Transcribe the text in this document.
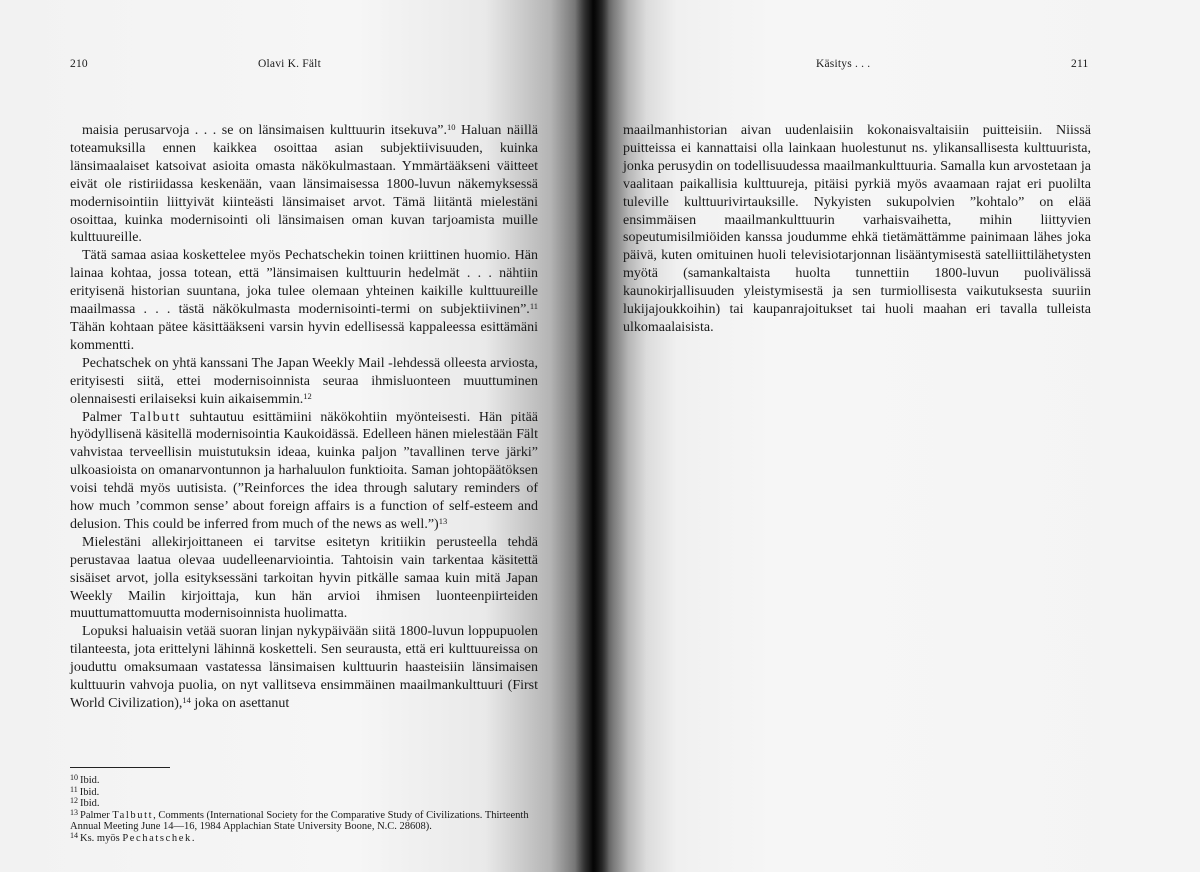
210	Olavi K. Fält

maisia perusarvoja . . . se on länsimaisen kulttuurin itsekuva”.$^{10}$ Haluan näillä toteamuksilla ennen kaikkea osoittaa asian subjektiivisuuden, kuinka länsimaalaiset katsoivat asioita omasta näkökulmastaan. Ymmärtääkseni väitteet eivät ole ristiriidassa keskenään, vaan länsimaisessa 1800-luvun näkemyksessä modernisointiin liittyivät kiinteästi länsimaiset arvot. Tämä liitäntä mielestäni osoittaa, kuinka modernisointi oli länsimaisen oman kuvan tarjoamista muille kulttuureille.

Tätä samaa asiaa koskettelee myös Pechatschekin toinen kriittinen huomio. Hän lainaa kohtaa, jossa totean, että ”länsimaisen kulttuurin hedelmät . . . nähtiin erityisenä historian suuntana, joka tulee olemaan yhteinen kaikille kulttuureille maailmassa . . . tästä näkökulmasta modernisointi-termi on subjektiivinen”.$^{11}$ Tähän kohtaan pätee käsittääkseni varsin hyvin edellisessä kappaleessa esittämäni kommentti.

Pechatschek on yhtä kanssani The Japan Weekly Mail -lehdessä olleesta arviosta, erityisesti siitä, ettei modernisoinnista seuraa ihmisluonteen muuttuminen olennaisesti erilaiseksi kuin aikaisemmin.$^{12}$

Palmer Talbutt suhtautuu esittämiini näkökohtiin myönteisesti. Hän pitää hyödyllisenä käsitellä modernisointia Kaukoidässä. Edelleen hänen mielestään Fält vahvistaa terveellisin muistutuksin ideaa, kuinka paljon ”tavallinen terve järki” ulkoasioista on omanarvontunnon ja harhaluulon funktioita. Saman johtopäätöksen voisi tehdä myös uutisista. (”Reinforces the idea through salutary reminders of how much ’common sense’ about foreign affairs is a function of self-esteem and delusion. This could be inferred from much of the news as well.”)$^{13}$

Mielestäni allekirjoittaneen ei tarvitse esitetyn kritiikin perusteella tehdä perustavaa laatua olevaa uudelleenarviointia. Tahtoisin vain tarkentaa käsitettä sisäiset arvot, jolla esityksessäni tarkoitan hyvin pitkälle samaa kuin mitä Japan Weekly Mailin kirjoittaja, kun hän arvioi ihmisen luonteenpiirteiden muuttumattomuutta modernisoinnista huolimatta.

Lopuksi haluaisin vetää suoran linjan nykypäivään siitä 1800-luvun loppupuolen tilanteesta, jota erittelyni lähinnä kosketteli. Sen seurausta, että eri kulttuureissa on jouduttu omaksumaan vastatessa länsimaisen kulttuurin haasteisiin länsimaisen kulttuurin vahvoja puolia, on nyt vallitseva ensimmäinen maailmankulttuuri (First World Civilization),$^{14}$ joka on asettanut

$^{10}$ Ibid.

$^{11}$ Ibid.

$^{12}$ Ibid.

$^{13}$ Palmer Talbutt, Comments (International Society for the Comparative Study of Civilizations. Thirteenth Annual Meeting June 14—16, 1984 Applachian State University Boone, N.C. 28608).

$^{14}$ Ks. myös Pechatschek.

Käsitys . . .	211

maailmanhistorian aivan uudenlaisiin kokonaisvaltaisiin puitteisiin. Niissä puitteissa ei kannattaisi olla lainkaan huolestunut ns. ylikansallisesta kulttuurista, jonka perusydin on todellisuudessa maailmankulttuuria. Samalla kun arvostetaan ja vaalitaan paikallisia kulttuureja, pitäisi pyrkiä myös avaamaan rajat eri puolilta tuleville kulttuurivirtauksille. Nykyisten sukupolvien ”kohtalo” on elää ensimmäisen maailmankulttuurin varhaisvaihetta, mihin liittyvien sopeutumisilmiöiden kanssa joudumme ehkä tietämättämme painimaan lähes joka päivä, kuten omituinen huoli televisiotarjonnan lisääntymisestä satelliittilähetysten myötä (samankaltaista huolta tunnettiin 1800-luvun puolivälissä kaunokirjallisuuden yleistymisestä ja sen turmiollisesta vaikutuksesta suuriin lukijajoukkoihin) tai kaupanrajoitukset tai huoli maahan eri tavalla tulleista ulkomaalaisista.
